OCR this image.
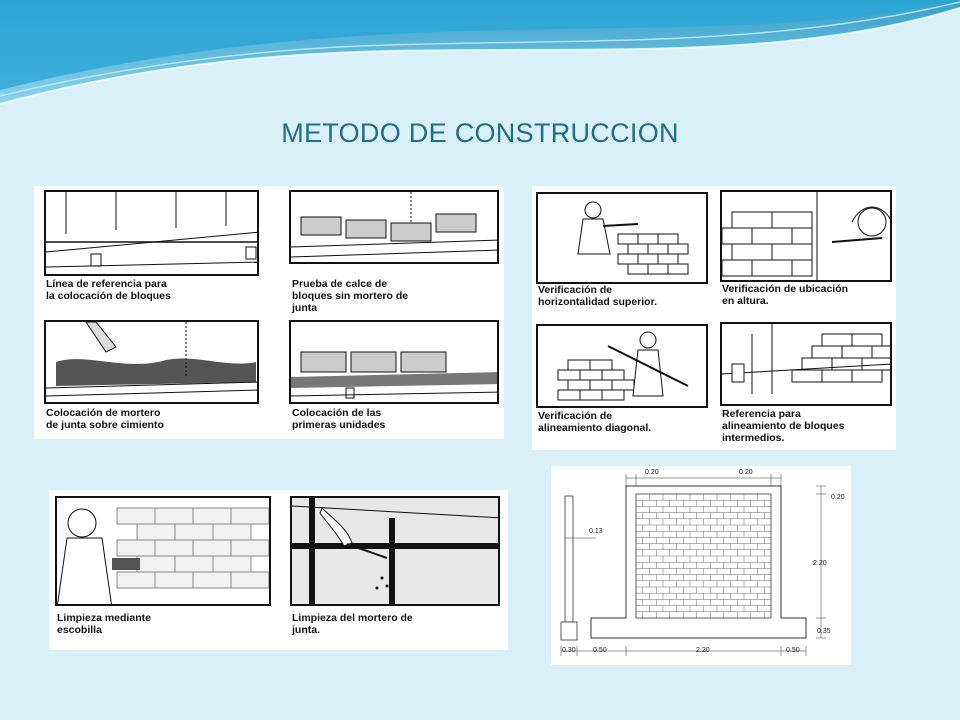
METODO DE CONSTRUCCION
Línea de referencia para
la colocación de bloques
Prueba de calce de
bloques sin mortero de
junta
Colocación de mortero
de junta sobre cimiento
Colocación de las
primeras unidades
Verificación de
horizontalidad superior.
Verificación de ubicación
en altura.
Verificación de
alineamiento diagonal.
Referencia para
alineamiento de bloques
intermedios.
Limpieza mediante
escobilla
Limpieza del mortero de
junta.
0.20	0.20
0.20
0.13
2.20
0.35
0.30 0.50	2.20	0.50
